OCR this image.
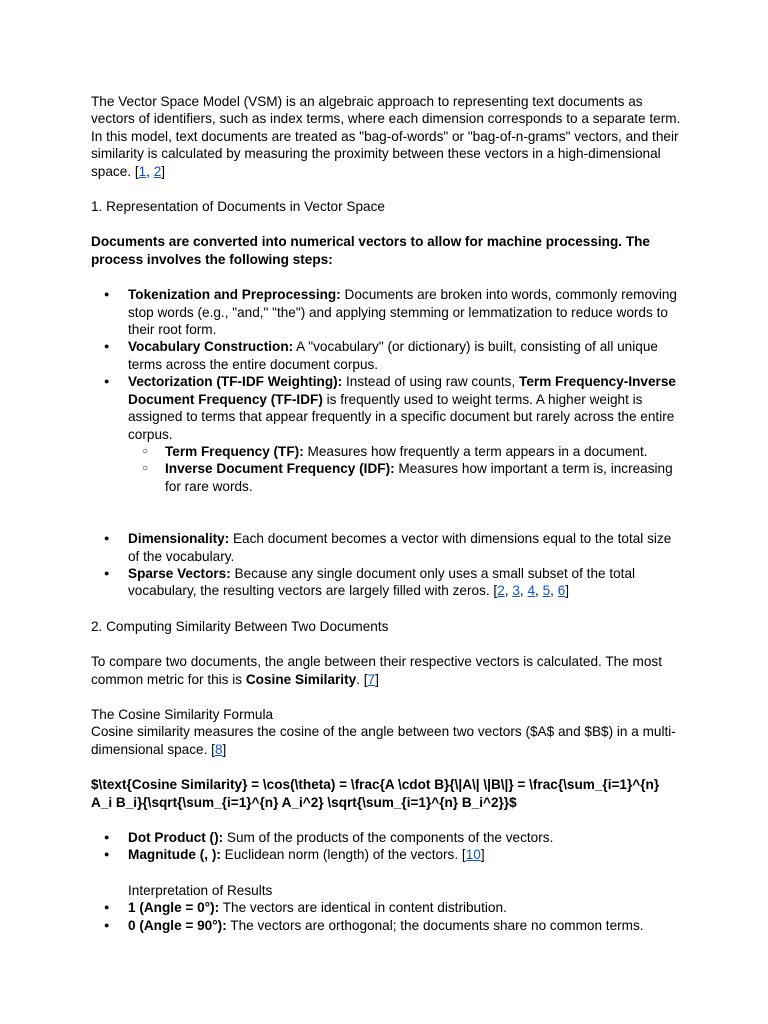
The Vector Space Model (VSM) is an algebraic approach to representing text documents as vectors of identifiers, such as index terms, where each dimension corresponds to a separate term. In this model, text documents are treated as "bag-of-words" or "bag-of-n-grams" vectors, and their similarity is calculated by measuring the proximity between these vectors in a high-dimensional space. [1, 2]

1. Representation of Documents in Vector Space

Documents are converted into numerical vectors to allow for machine processing. The process involves the following steps:

● Tokenization and Preprocessing: Documents are broken into words, commonly removing stop words (e.g., "and," "the") and applying stemming or lemmatization to reduce words to their root form.
● Vocabulary Construction: A "vocabulary" (or dictionary) is built, consisting of all unique terms across the entire document corpus.
● Vectorization (TF-IDF Weighting): Instead of using raw counts, Term Frequency-Inverse Document Frequency (TF-IDF) is frequently used to weight terms. A higher weight is assigned to terms that appear frequently in a specific document but rarely across the entire corpus.
○ Term Frequency (TF): Measures how frequently a term appears in a document.
○ Inverse Document Frequency (IDF): Measures how important a term is, increasing for rare words.
● Dimensionality: Each document becomes a vector with dimensions equal to the total size of the vocabulary.
● Sparse Vectors: Because any single document only uses a small subset of the total vocabulary, the resulting vectors are largely filled with zeros. [2, 3, 4, 5, 6]

2. Computing Similarity Between Two Documents

To compare two documents, the angle between their respective vectors is calculated. The most common metric for this is Cosine Similarity. [7]

The Cosine Similarity Formula

Cosine similarity measures the cosine of the angle between two vectors ($A$ and $B$) in a multi-dimensional space. [8]

$\text{Cosine Similarity} = \cos(\theta) = \frac{A \cdot B}{\|A\| \|B\|} = \frac{\sum_{i=1}^{n} A_i B_i}{\sqrt{\sum_{i=1}^{n} A_i^2} \sqrt{\sum_{i=1}^{n} B_i^2}}$

● Dot Product (): Sum of the products of the components of the vectors.
● Magnitude (, ): Euclidean norm (length) of the vectors. [10]

Interpretation of Results

● 1 (Angle = 0°): The vectors are identical in content distribution.
● 0 (Angle = 90°): The vectors are orthogonal; the documents share no common terms.
